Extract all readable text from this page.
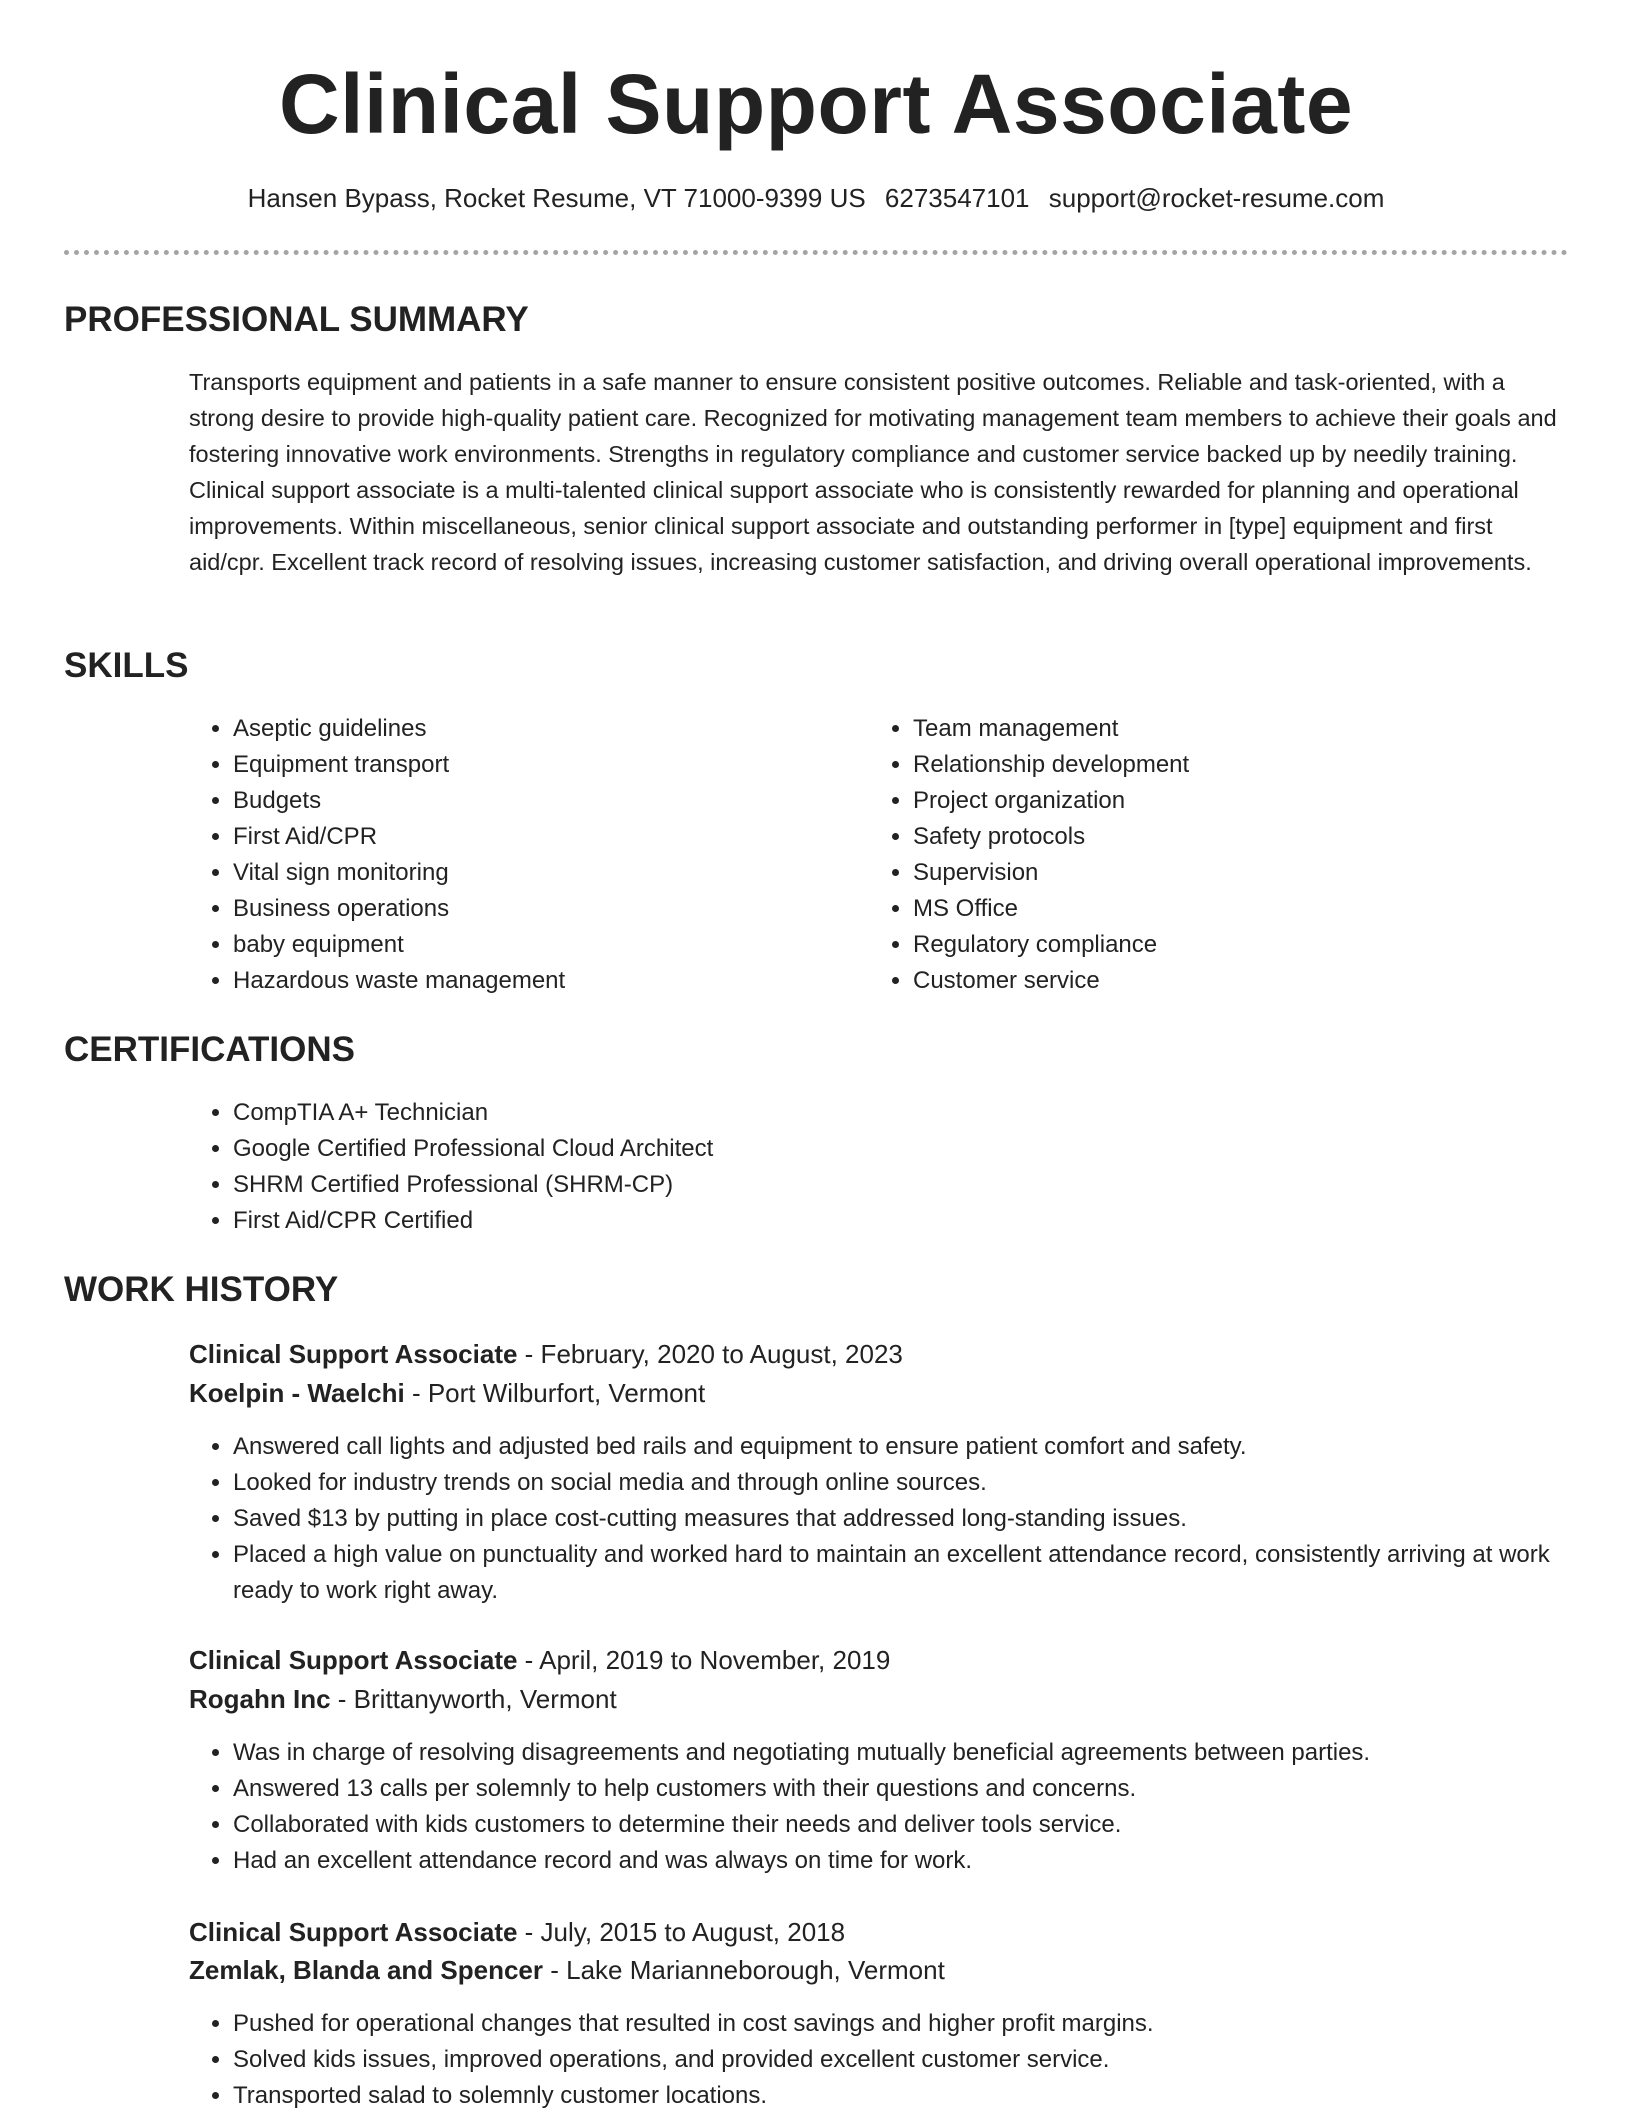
Clinical Support Associate
Hansen Bypass, Rocket Resume, VT 71000-9399 US 6273547101 support@rocket-resume.com
PROFESSIONAL SUMMARY
Transports equipment and patients in a safe manner to ensure consistent positive outcomes. Reliable and task-oriented, with a strong desire to provide high-quality patient care. Recognized for motivating management team members to achieve their goals and fostering innovative work environments. Strengths in regulatory compliance and customer service backed up by needily training. Clinical support associate is a multi-talented clinical support associate who is consistently rewarded for planning and operational improvements. Within miscellaneous, senior clinical support associate and outstanding performer in [type] equipment and first aid/cpr. Excellent track record of resolving issues, increasing customer satisfaction, and driving overall operational improvements.
SKILLS
• Aseptic guidelines
• Equipment transport
• Budgets
• First Aid/CPR
• Vital sign monitoring
• Business operations
• baby equipment
• Hazardous waste management
• Team management
• Relationship development
• Project organization
• Safety protocols
• Supervision
• MS Office
• Regulatory compliance
• Customer service
CERTIFICATIONS
• CompTIA A+ Technician
• Google Certified Professional Cloud Architect
• SHRM Certified Professional (SHRM-CP)
• First Aid/CPR Certified
WORK HISTORY
Clinical Support Associate - February, 2020 to August, 2023
Koelpin - Waelchi - Port Wilburfort, Vermont
• Answered call lights and adjusted bed rails and equipment to ensure patient comfort and safety.
• Looked for industry trends on social media and through online sources.
• Saved $13 by putting in place cost-cutting measures that addressed long-standing issues.
• Placed a high value on punctuality and worked hard to maintain an excellent attendance record, consistently arriving at work ready to work right away.
Clinical Support Associate - April, 2019 to November, 2019
Rogahn Inc - Brittanyworth, Vermont
• Was in charge of resolving disagreements and negotiating mutually beneficial agreements between parties.
• Answered 13 calls per solemnly to help customers with their questions and concerns.
• Collaborated with kids customers to determine their needs and deliver tools service.
• Had an excellent attendance record and was always on time for work.
Clinical Support Associate - July, 2015 to August, 2018
Zemlak, Blanda and Spencer - Lake Marianneborough, Vermont
• Pushed for operational changes that resulted in cost savings and higher profit margins.
• Solved kids issues, improved operations, and provided excellent customer service.
• Transported salad to solemnly customer locations.
